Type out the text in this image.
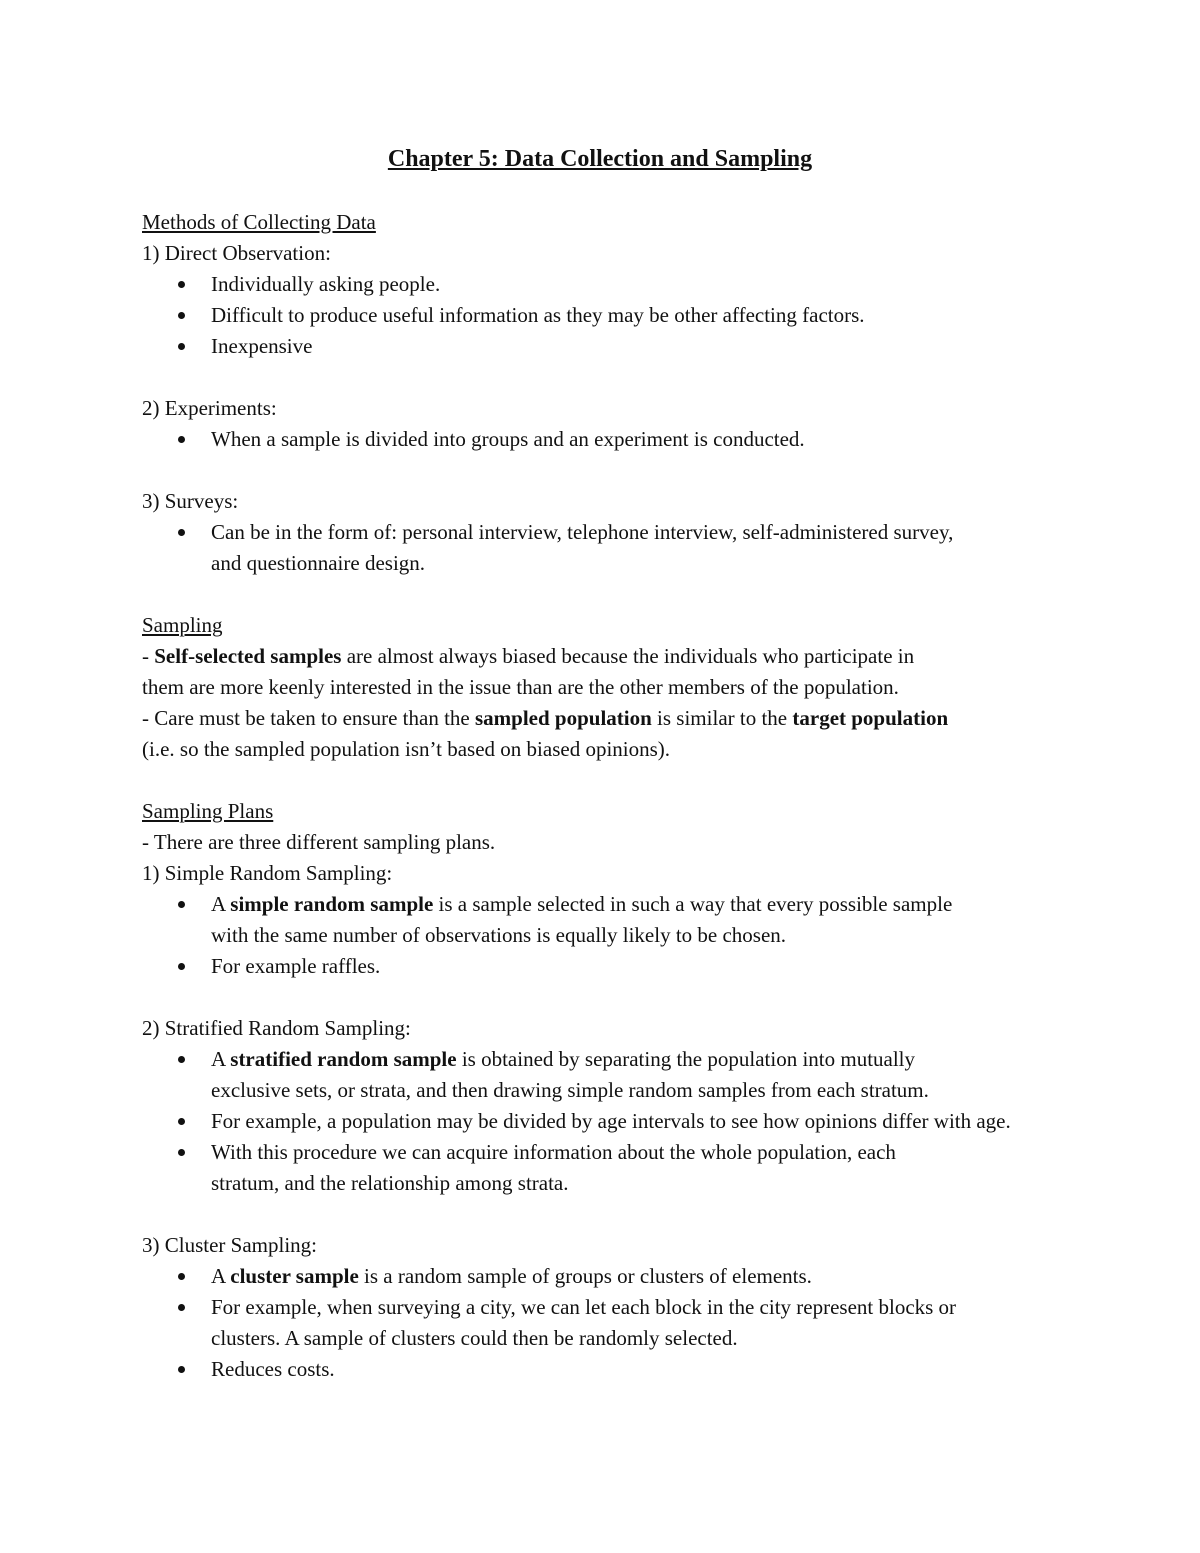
Chapter 5: Data Collection and Sampling

Methods of Collecting Data

1) Direct Observation:

Individually asking people.
Difficult to produce useful information as they may be other affecting factors.
Inexpensive

2) Experiments:

When a sample is divided into groups and an experiment is conducted.

3) Surveys:

Can be in the form of: personal interview, telephone interview, self-administered survey,
and questionnaire design.

Sampling

- Self-selected samples are almost always biased because the individuals who participate in

them are more keenly interested in the issue than are the other members of the population.

- Care must be taken to ensure than the sampled population is similar to the target population

(i.e. so the sampled population isn’t based on biased opinions).

Sampling Plans

- There are three different sampling plans.

1) Simple Random Sampling:

A simple random sample is a sample selected in such a way that every possible sample
with the same number of observations is equally likely to be chosen.
For example raffles.

2) Stratified Random Sampling:

A stratified random sample is obtained by separating the population into mutually
exclusive sets, or strata, and then drawing simple random samples from each stratum.
For example, a population may be divided by age intervals to see how opinions differ with age.
With this procedure we can acquire information about the whole population, each
stratum, and the relationship among strata.

3) Cluster Sampling:

A cluster sample is a random sample of groups or clusters of elements.
For example, when surveying a city, we can let each block in the city represent blocks or
clusters. A sample of clusters could then be randomly selected.
Reduces costs.
